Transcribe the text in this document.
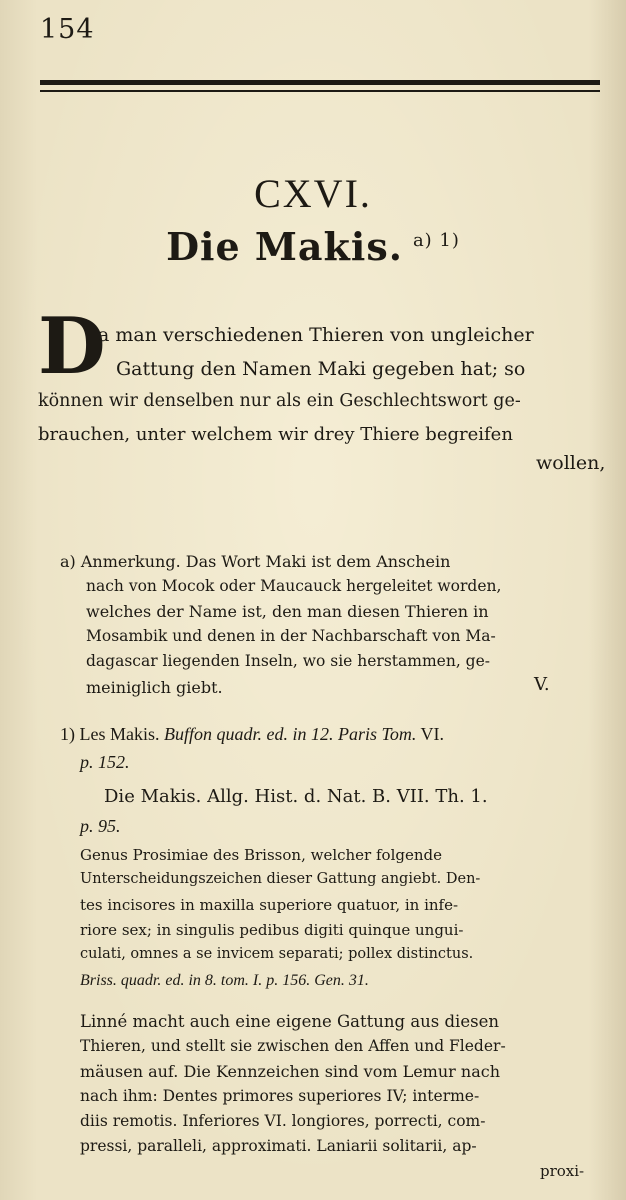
154
CXVI.
Die Makis. $^{a) 1)}$
D
a man verschiedenen Thieren von ungleicher
Gattung den Namen Maki gegeben hat; so
können wir denselben nur als ein Geschlechtswort ge-
brauchen, unter welchem wir drey Thiere begreifen
wollen,
a) Anmerkung. Das Wort Maki ist dem Anschein
nach von Mocok oder Maucauck hergeleitet worden,
welches der Name ist, den man diesen Thieren in
Mosambik und denen in der Nachbarschaft von Ma-
dagascar liegenden Inseln, wo sie herstammen, ge-
meiniglich giebt.	V.
1) Les Makis. Buffon quadr. ed. in 12. Paris Tom. VI.
p. 152.
Die Makis. Allg. Hist. d. Nat. B. VII. Th. 1.
p. 95.
Genus Prosimiae des Brisson, welcher folgende
Unterscheidungszeichen dieser Gattung angiebt. Den-
tes incisores in maxilla superiore quatuor, in infe-
riore sex; in singulis pedibus digiti quinque ungui-
culati, omnes a se invicem separati; pollex distinctus.
Briss. quadr. ed. in 8. tom. I. p. 156. Gen. 31.
Linné macht auch eine eigene Gattung aus diesen
Thieren, und stellt sie zwischen den Affen und Fleder-
mäusen auf. Die Kennzeichen sind vom Lemur nach
nach ihm: Dentes primores superiores IV; interme-
diis remotis. Inferiores VI. longiores, porrecti, com-
pressi, paralleli, approximati. Laniarii solitarii, ap-
proxi-
